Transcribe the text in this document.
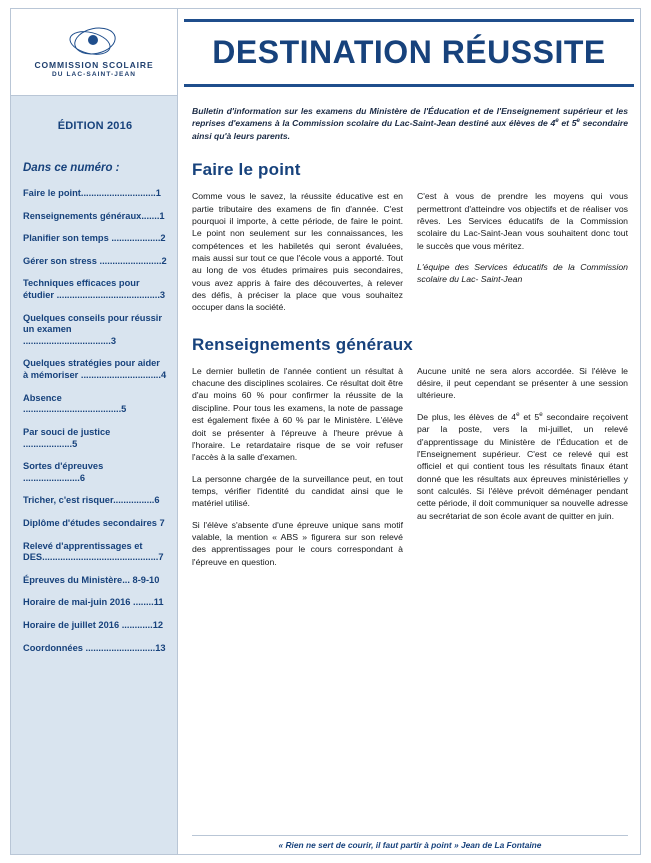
COMMISSION SCOLAIRE
DU LAC-SAINT-JEAN
DESTINATION RÉUSSITE
ÉDITION 2016
Dans ce numéro :
Faire le point.............................1
Renseignements généraux.......1
Planifier son temps ...................2
Gérer son stress ........................2
Techniques efficaces pour étudier ........................................3
Quelques conseils pour réussir un examen ..................................3
Quelques stratégies pour aider à mémoriser ...............................4
Absence ......................................5
Par souci de justice ...................5
Sortes d'épreuves ......................6
Tricher, c'est risquer................6
Diplôme d'études secondaires 7
Relevé d'apprentissages et DES.............................................7
Épreuves du Ministère... 8-9-10
Horaire de mai-juin 2016 ........11
Horaire de juillet 2016 ............12
Coordonnées ...........................13
Bulletin d'information sur les examens du Ministère de l'Éducation et de l'Enseignement supérieur et les reprises d'examens à la Commission scolaire du Lac-Saint-Jean destiné aux élèves de 4e et 5e secondaire ainsi qu'à leurs parents.
Faire le point

Comme vous le savez, la réussite éducative est en partie tributaire des examens de fin d'année. C'est pourquoi il importe, à cette période, de faire le point. Le point non seulement sur les connaissances, les compétences et les habiletés qui seront évaluées, mais aussi sur tout ce que l'école vous a apporté. Tout au long de vos études primaires puis secondaires, vous avez appris à faire des découvertes, à relever des défis, à préciser la place que vous souhaitez occuper dans la société.

C'est à vous de prendre les moyens qui vous permettront d'atteindre vos objectifs et de réaliser vos rêves. Les Services éducatifs de la Commission scolaire du Lac-Saint-Jean vous souhaitent donc tout le succès que vous méritez.

L'équipe des Services éducatifs de la Commission scolaire du Lac- Saint-Jean

Renseignements généraux

Le dernier bulletin de l'année contient un résultat à chacune des disciplines scolaires. Ce résultat doit être d'au moins 60 % pour confirmer la réussite de la discipline. Pour tous les examens, la note de passage est également fixée à 60 % par le Ministère. L'élève doit se présenter à l'épreuve à l'heure prévue à l'horaire. Le retardataire risque de se voir refuser l'accès à la salle d'examen.

La personne chargée de la surveillance peut, en tout temps, vérifier l'identité du candidat ainsi que le matériel utilisé.

Si l'élève s'absente d'une épreuve unique sans motif valable, la mention « ABS » figurera sur son relevé des apprentissages pour le cours correspondant à l'épreuve en question.

Aucune unité ne sera alors accordée. Si l'élève le désire, il peut cependant se présenter à une session ultérieure.

De plus, les élèves de 4e et 5e secondaire reçoivent par la poste, vers la mi-juillet, un relevé d'apprentissage du Ministère de l'Éducation et de l'Enseignement supérieur. C'est ce relevé qui est officiel et qui contient tous les résultats finaux étant donné que les résultats aux épreuves ministérielles y sont calculés. Si l'élève prévoit déménager pendant cette période, il doit communiquer sa nouvelle adresse au secrétariat de son école avant de quitter en juin.

« Rien ne sert de courir, il faut partir à point » Jean de La Fontaine
